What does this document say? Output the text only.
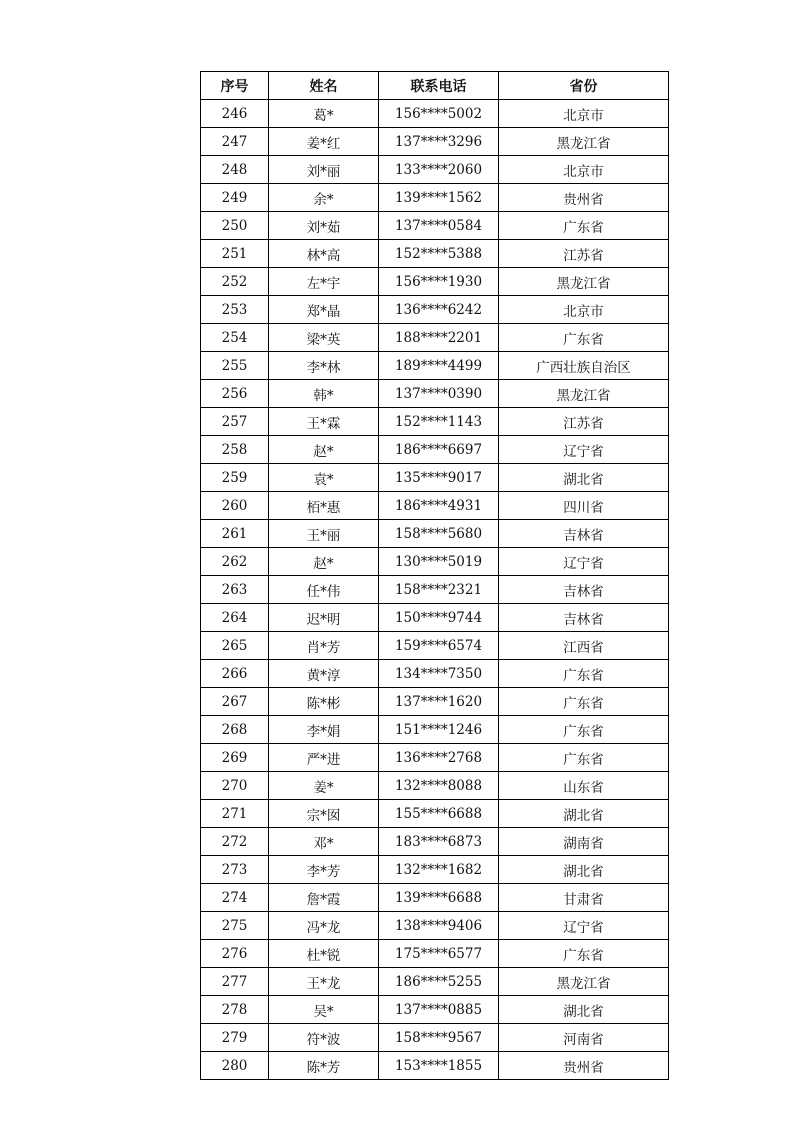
序号	姓名	联系电话	省份
246	葛*	156****5002	北京市
247	姜*红	137****3296	黑龙江省
248	刘*丽	133****2060	北京市
249	余*	139****1562	贵州省
250	刘*茹	137****0584	广东省
251	林*高	152****5388	江苏省
252	左*宇	156****1930	黑龙江省
253	郑*晶	136****6242	北京市
254	梁*英	188****2201	广东省
255	李*林	189****4499	广西壮族自治区
256	韩*	137****0390	黑龙江省
257	王*霖	152****1143	江苏省
258	赵*	186****6697	辽宁省
259	袁*	135****9017	湖北省
260	栢*惠	186****4931	四川省
261	王*丽	158****5680	吉林省
262	赵*	130****5019	辽宁省
263	任*伟	158****2321	吉林省
264	迟*明	150****9744	吉林省
265	肖*芳	159****6574	江西省
266	黄*淳	134****7350	广东省
267	陈*彬	137****1620	广东省
268	李*娟	151****1246	广东省
269	严*进	136****2768	广东省
270	姜*	132****8088	山东省
271	宗*囡	155****6688	湖北省
272	邓*	183****6873	湖南省
273	李*芳	132****1682	湖北省
274	詹*霞	139****6688	甘肃省
275	冯*龙	138****9406	辽宁省
276	杜*锐	175****6577	广东省
277	王*龙	186****5255	黑龙江省
278	吴*	137****0885	湖北省
279	符*波	158****9567	河南省
280	陈*芳	153****1855	贵州省
